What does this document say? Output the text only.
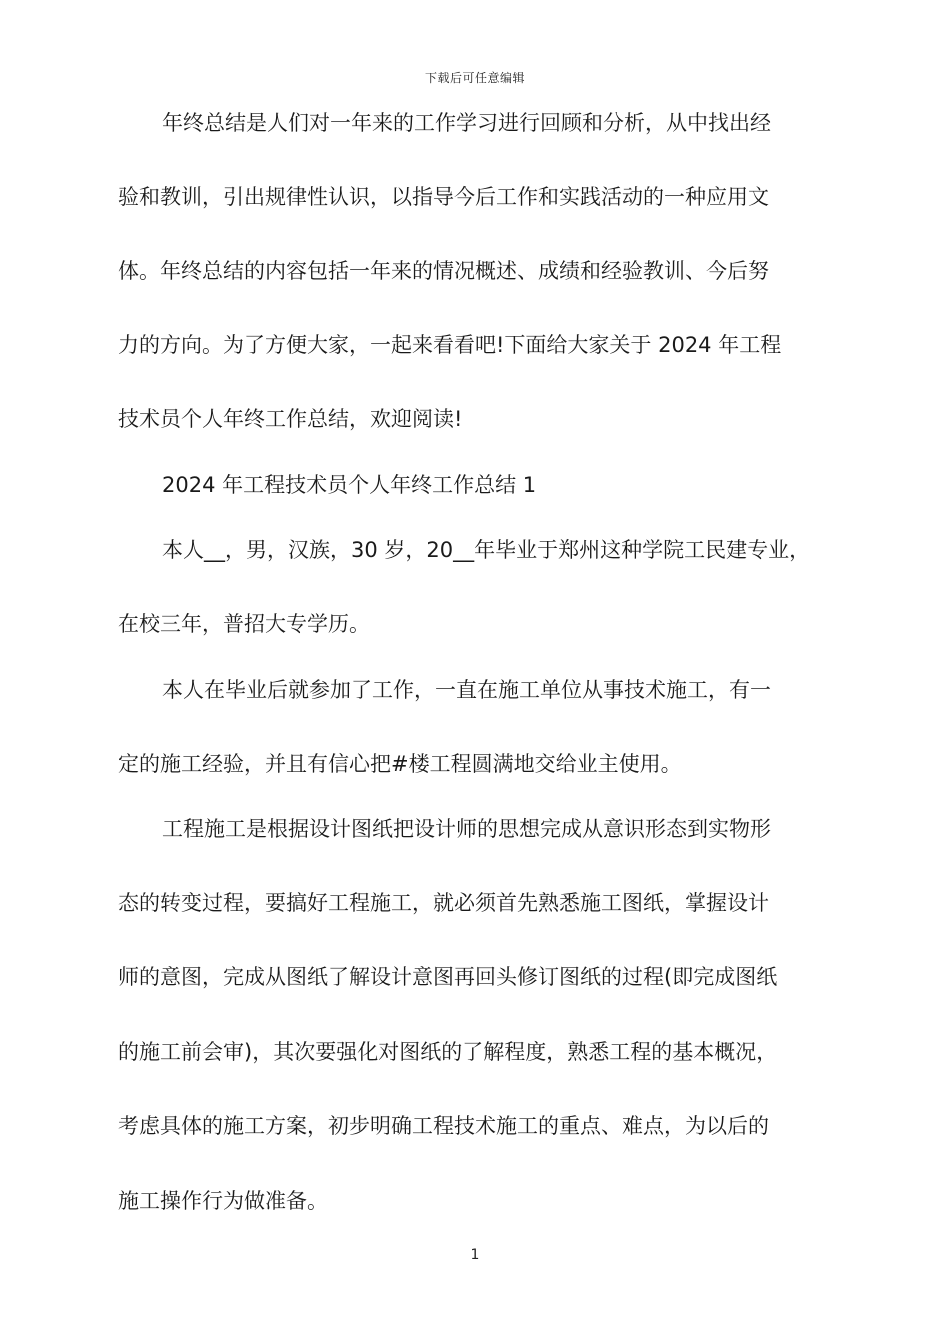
下载后可任意编辑
年终总结是人们对一年来的工作学习进行回顾和分析，从中找出经
验和教训，引出规律性认识，以指导今后工作和实践活动的一种应用文
体。年终总结的内容包括一年来的情况概述、成绩和经验教训、今后努
力的方向。为了方便大家，一起来看看吧!下面给大家关于 2024 年工程
技术员个人年终工作总结，欢迎阅读!
2024 年工程技术员个人年终工作总结 1
本人__，男，汉族，30 岁，20__年毕业于郑州这种学院工民建专业，
在校三年，普招大专学历。
本人在毕业后就参加了工作，一直在施工单位从事技术施工，有一
定的施工经验，并且有信心把#楼工程圆满地交给业主使用。
工程施工是根据设计图纸把设计师的思想完成从意识形态到实物形
态的转变过程，要搞好工程施工，就必须首先熟悉施工图纸，掌握设计
师的意图，完成从图纸了解设计意图再回头修订图纸的过程(即完成图纸
的施工前会审)，其次要强化对图纸的了解程度，熟悉工程的基本概况，
考虑具体的施工方案，初步明确工程技术施工的重点、难点，为以后的
施工操作行为做准备。
1
